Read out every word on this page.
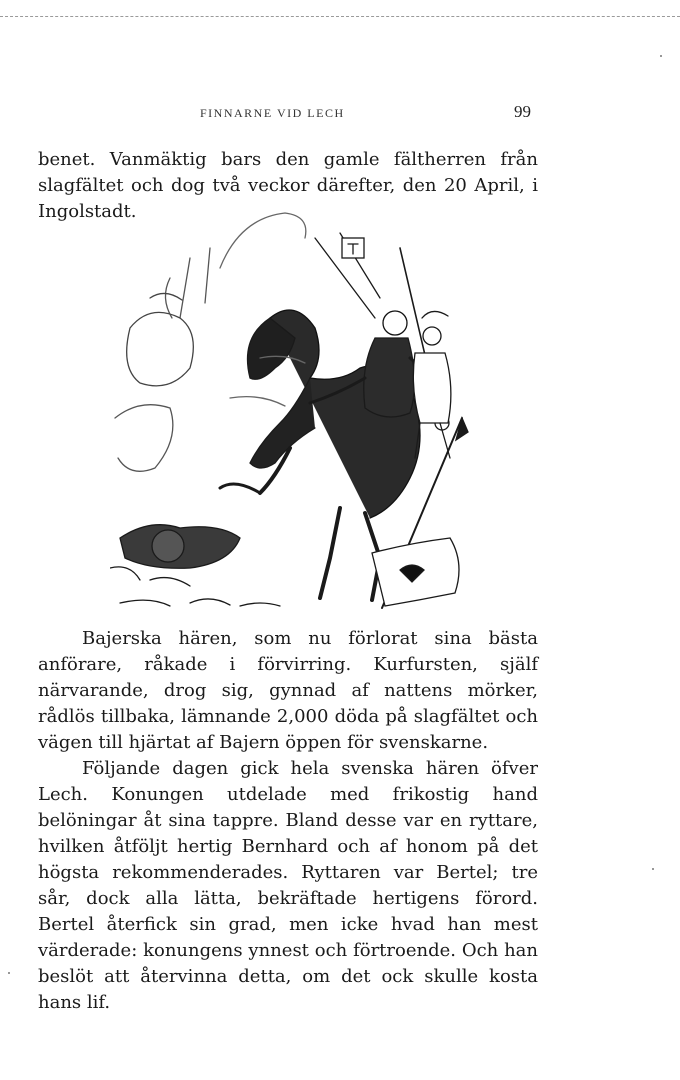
FINNARNE VID LECH	99

benet. Vanmäktig bars den gamle fältherren från slagfältet och dog två veckor därefter, den 20 April, i Ingolstadt.

Bajerska hären, som nu förlorat sina bästa anförare, råkade i förvirring. Kurfursten, själf närvarande, drog sig, gynnad af nattens mörker, rådlös tillbaka, lämnande 2,000 döda på slagfältet och vägen till hjärtat af Bajern öppen för svenskarne.

Följande dagen gick hela svenska hären öfver Lech. Konungen utdelade med frikostig hand belöningar åt sina tappre. Bland desse var en ryttare, hvilken åtföljt hertig Bernhard och af honom på det högsta rekommenderades. Ryttaren var Bertel; tre sår, dock alla lätta, bekräftade hertigens förord. Bertel återfick sin grad, men icke hvad han mest värderade: konungens ynnest och förtroende. Och han beslöt att återvinna detta, om det ock skulle kosta hans lif.
